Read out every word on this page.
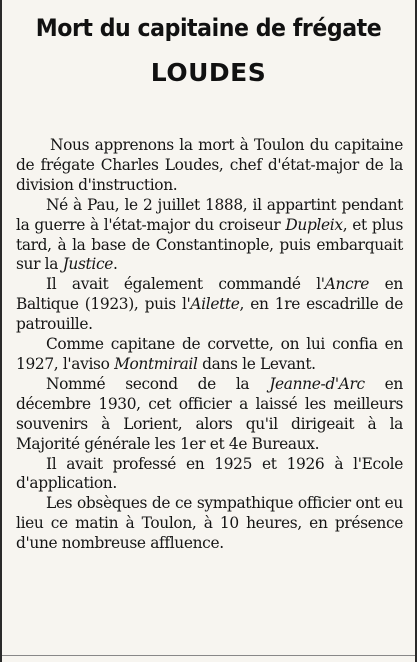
Mort du capitaine de frégate
LOUDES

Nous apprenons la mort à Toulon du capitaine de frégate Charles Loudes, chef d'état-major de la division d'instruction.

Né à Pau, le 2 juillet 1888, il appartint pendant la guerre à l'état-major du croiseur Dupleix, et plus tard, à la base de Constantinople, puis embarquait sur la Justice.

Il avait également commandé l'Ancre en Baltique (1923), puis l'Ailette, en 1re escadrille de patrouille.

Comme capitane de corvette, on lui confia en 1927, l'aviso Montmirail dans le Levant.

Nommé second de la Jeanne-d'Arc en décembre 1930, cet officier a laissé les meilleurs souvenirs à Lorient, alors qu'il dirigeait à la Majorité générale les 1er et 4e Bureaux.

Il avait professé en 1925 et 1926 à l'Ecole d'application.

Les obsèques de ce sympathique officier ont eu lieu ce matin à Toulon, à 10 heures, en présence d'une nombreuse affluence.
